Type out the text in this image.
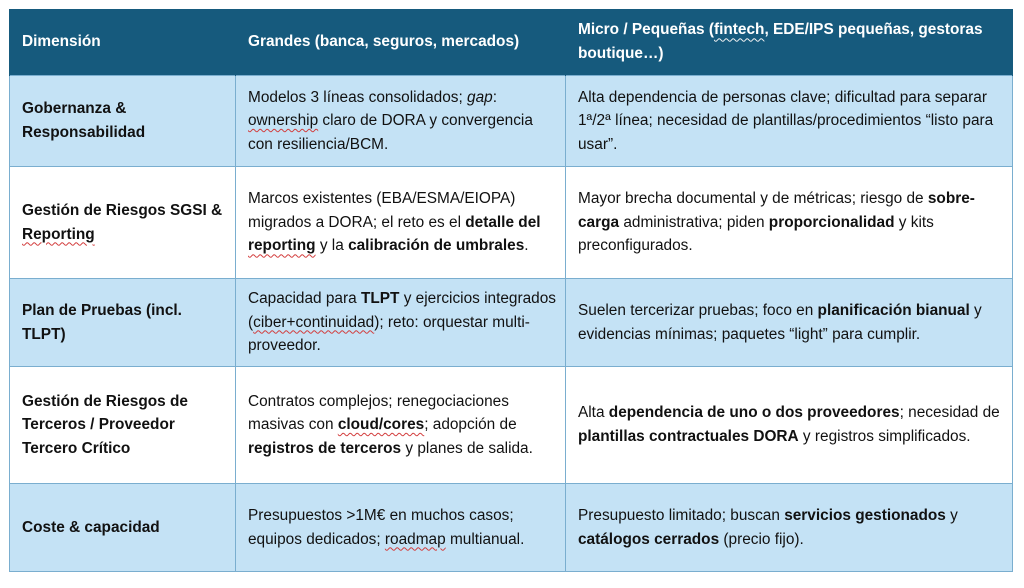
Dimensión	Grandes (banca, seguros, mercados)	Micro / Pequeñas (fintech, EDE/IPS pequeñas, gestoras boutique…)
Gobernanza & Responsabilidad	Modelos 3 líneas consolidados; gap: ownership claro de DORA y convergencia con resiliencia/BCM.	Alta dependencia de personas clave; dificultad para separar 1ª/2ª línea; necesidad de plantillas/procedimientos “listo para usar”.
Gestión de Riesgos SGSI & Reporting	Marcos existentes (EBA/ESMA/EIOPA) migrados a DORA; el reto es el detalle del reporting y la calibración de umbrales.	Mayor brecha documental y de métricas; riesgo de sobre-carga administrativa; piden proporcionalidad y kits preconfigurados.
Plan de Pruebas (incl. TLPT)	Capacidad para TLPT y ejercicios integrados (ciber+continuidad); reto: orquestar multi-proveedor.	Suelen tercerizar pruebas; foco en planificación bianual y evidencias mínimas; paquetes “light” para cumplir.
Gestión de Riesgos de Terceros / Proveedor Tercero Crítico	Contratos complejos; renegociaciones masivas con cloud/cores; adopción de registros de terceros y planes de salida.	Alta dependencia de uno o dos proveedores; necesidad de plantillas contractuales DORA y registros simplificados.
Coste & capacidad	Presupuestos >1M€ en muchos casos; equipos dedicados; roadmap multianual.	Presupuesto limitado; buscan servicios gestionados y catálogos cerrados (precio fijo).
